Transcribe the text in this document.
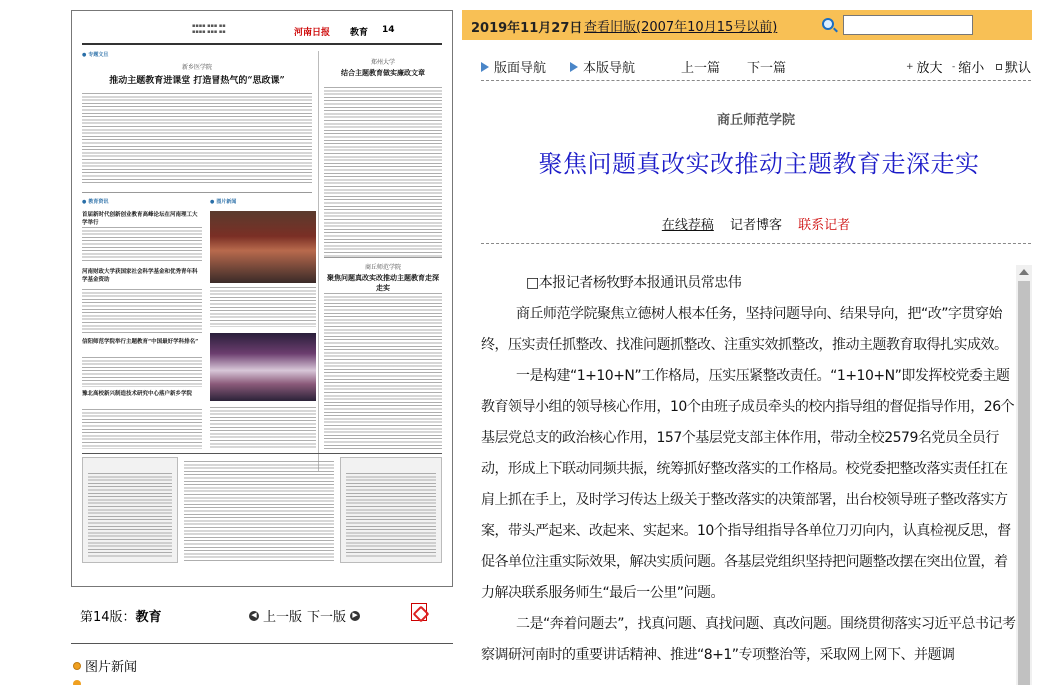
▪▪▪▪ ▪▪▪ ▪▪
▪▪▪▪ ▪▪▪ ▪▪	河南日报 教育 14
● 专题文旦
新乡医学院
推动主题教育进课堂 打造冒热气的“思政课”
郑州大学
结合主题教育做实廉政文章
● 教育资讯
首届新时代创新创业教育高峰论坛在河南理工大学举行
河南财政大学获国家社会科学基金和优秀青年科学基金资助
信阳师范学院举行主题教育“中国最好学科排名”
豫北高校新兴制造技术研究中心落户新乡学院
● 图片新闻
商丘师范学院
聚焦问题真改实改推动主题教育走深走实
第14版：教育	◀ 上一版 下一版 ▶
图片新闻
2019年11月27日 查看旧版(2007年10月15号以前)
版面导航	本版导航	上一篇 下一篇	+ 放大 - 缩小 默认
商丘师范学院
聚焦问题真改实改推动主题教育走深走实
在线荐稿 记者博客 联系记者

□本报记者杨牧野本报通讯员常忠伟

商丘师范学院聚焦立德树人根本任务，坚持问题导向、结果导向，把“改”字贯穿始终，压实责任抓整改、找准问题抓整改、注重实效抓整改，推动主题教育取得扎实成效。

一是构建“1+10+N”工作格局，压实压紧整改责任。“1+10+N”即发挥校党委主题教育领导小组的领导核心作用，10个由班子成员牵头的校内指导组的督促指导作用，26个基层党总支的政治核心作用，157个基层党支部主体作用，带动全校2579名党员全员行动，形成上下联动同频共振，统筹抓好整改落实的工作格局。校党委把整改落实责任扛在肩上抓在手上，及时学习传达上级关于整改落实的决策部署，出台校领导班子整改落实方案，带头严起来、改起来、实起来。10个指导组指导各单位刀刃向内，认真检视反思，督促各单位注重实际效果，解决实质问题。各基层党组织坚持把问题整改摆在突出位置，着力解决联系服务师生“最后一公里”问题。

二是“奔着问题去”，找真问题、真找问题、真改问题。围绕贯彻落实习近平总书记考察调研河南时的重要讲话精神、推进“8+1”专项整治等，采取网上网下、并题调
